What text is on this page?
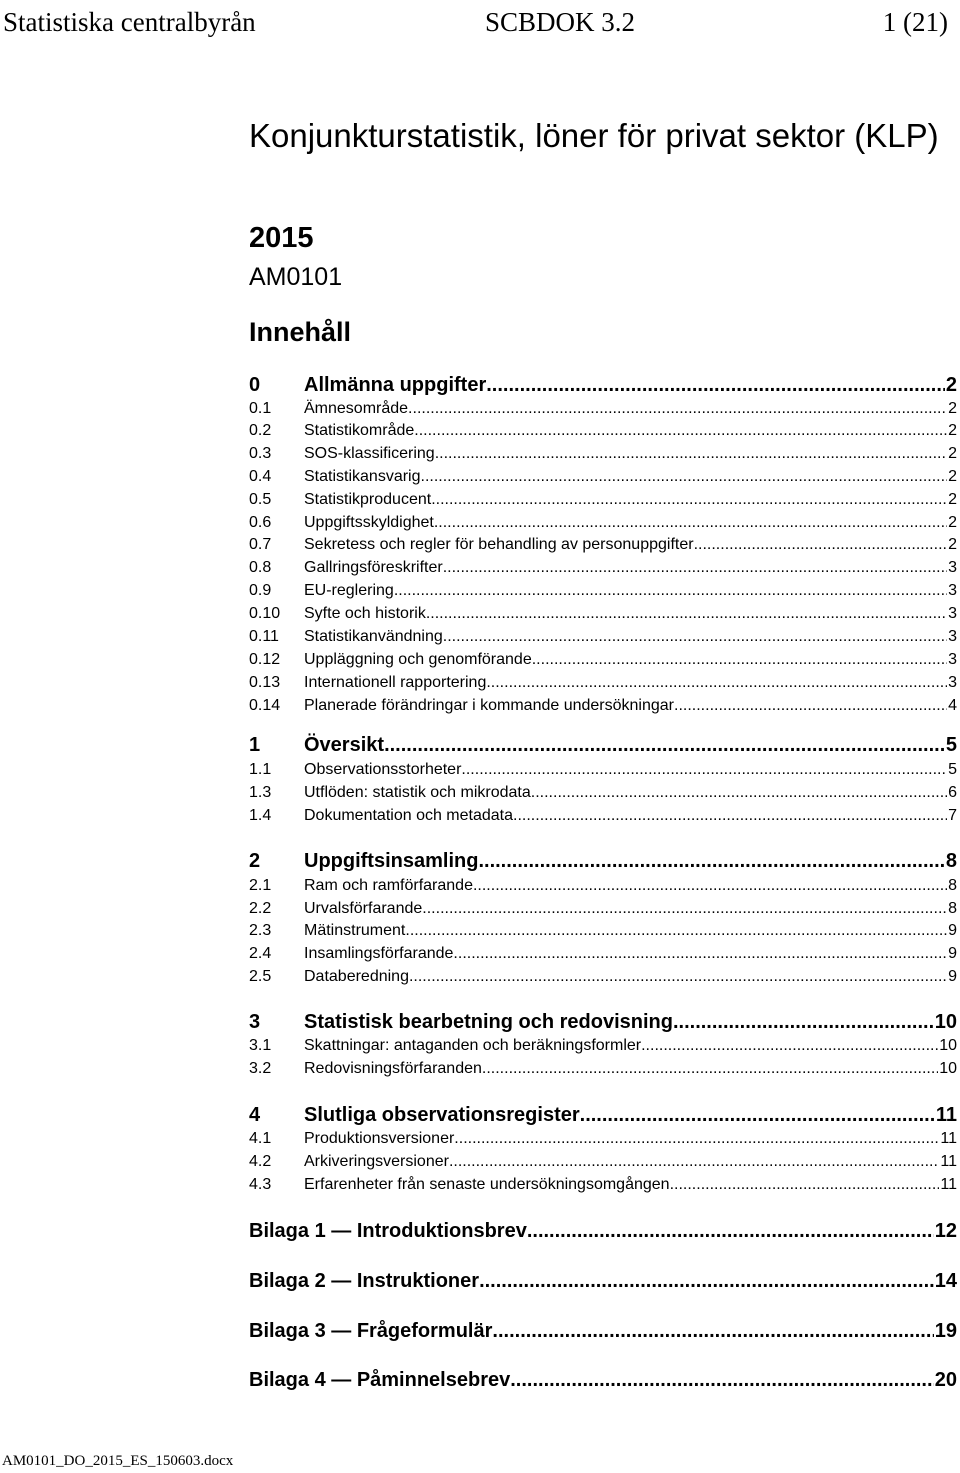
Statistiska centralbyrån	SCBDOK 3.2	1 (21)
Konjunkturstatistik, löner för privat sektor (KLP)
2015
AM0101
Innehåll
0	Allmänna uppgifter .....	2
0.1	Ämnesområde .....	2
0.2	Statistikområde .....	2
0.3	SOS-klassificering .....	2
0.4	Statistikansvarig .....	2
0.5	Statistikproducent .....	2
0.6	Uppgiftsskyldighet .....	2
0.7	Sekretess och regler för behandling av personuppgifter .....	2
0.8	Gallringsföreskrifter .....	3
0.9	EU-reglering .....	3
0.10	Syfte och historik .....	3
0.11	Statistikanvändning .....	3
0.12	Uppläggning och genomförande .....	3
0.13	Internationell rapportering .....	3
0.14	Planerade förändringar i kommande undersökningar .....	4
1	Översikt .....	5
1.1	Observationsstorheter .....	5
1.3	Utflöden: statistik och mikrodata .....	6
1.4	Dokumentation och metadata .....	7
2	Uppgiftsinsamling .....	8
2.1	Ram och ramförfarande .....	8
2.2	Urvalsförfarande .....	8
2.3	Mätinstrument .....	9
2.4	Insamlingsförfarande .....	9
2.5	Databeredning .....	9
3	Statistisk bearbetning och redovisning .....	10
3.1	Skattningar: antaganden och beräkningsformler .....	10
3.2	Redovisningsförfaranden .....	10
4	Slutliga observationsregister .....	11
4.1	Produktionsversioner .....	11
4.2	Arkiveringsversioner .....	11
4.3	Erfarenheter från senaste undersökningsomgången .....	11
Bilaga 1 — Introduktionsbrev .....	12
Bilaga 2 — Instruktioner .....	14
Bilaga 3 — Frågeformulär .....	19
Bilaga 4 — Påminnelsebrev .....	20
AM0101_DO_2015_ES_150603.docx
